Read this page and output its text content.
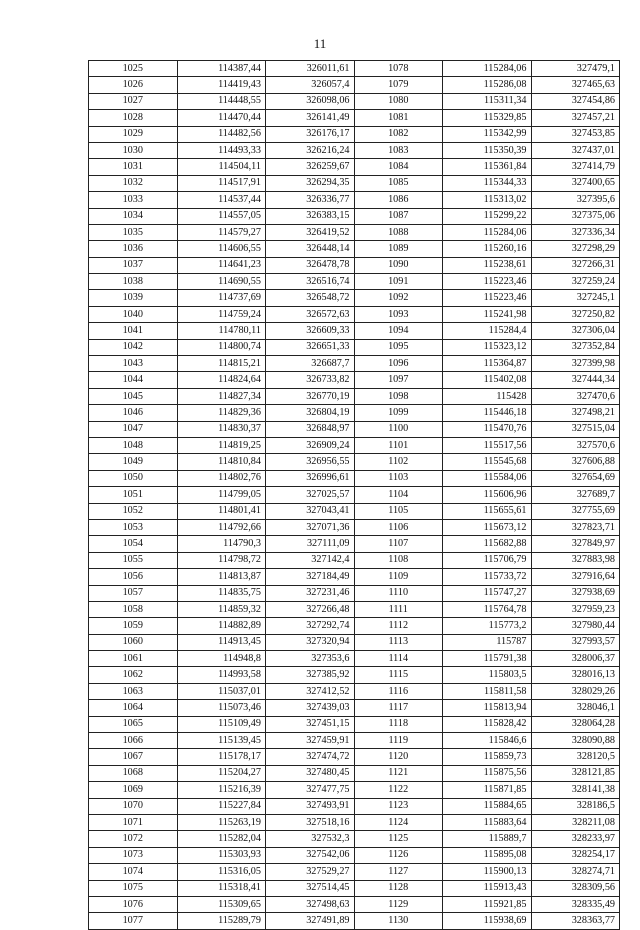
11
1025	114387,44	326011,61	1078	115284,06	327479,1
1026	114419,43	326057,4	1079	115286,08	327465,63
1027	114448,55	326098,06	1080	115311,34	327454,86
1028	114470,44	326141,49	1081	115329,85	327457,21
1029	114482,56	326176,17	1082	115342,99	327453,85
1030	114493,33	326216,24	1083	115350,39	327437,01
1031	114504,11	326259,67	1084	115361,84	327414,79
1032	114517,91	326294,35	1085	115344,33	327400,65
1033	114537,44	326336,77	1086	115313,02	327395,6
1034	114557,05	326383,15	1087	115299,22	327375,06
1035	114579,27	326419,52	1088	115284,06	327336,34
1036	114606,55	326448,14	1089	115260,16	327298,29
1037	114641,23	326478,78	1090	115238,61	327266,31
1038	114690,55	326516,74	1091	115223,46	327259,24
1039	114737,69	326548,72	1092	115223,46	327245,1
1040	114759,24	326572,63	1093	115241,98	327250,82
1041	114780,11	326609,33	1094	115284,4	327306,04
1042	114800,74	326651,33	1095	115323,12	327352,84
1043	114815,21	326687,7	1096	115364,87	327399,98
1044	114824,64	326733,82	1097	115402,08	327444,34
1045	114827,34	326770,19	1098	115428	327470,6
1046	114829,36	326804,19	1099	115446,18	327498,21
1047	114830,37	326848,97	1100	115470,76	327515,04
1048	114819,25	326909,24	1101	115517,56	327570,6
1049	114810,84	326956,55	1102	115545,68	327606,88
1050	114802,76	326996,61	1103	115584,06	327654,69
1051	114799,05	327025,57	1104	115606,96	327689,7
1052	114801,41	327043,41	1105	115655,61	327755,69
1053	114792,66	327071,36	1106	115673,12	327823,71
1054	114790,3	327111,09	1107	115682,88	327849,97
1055	114798,72	327142,4	1108	115706,79	327883,98
1056	114813,87	327184,49	1109	115733,72	327916,64
1057	114835,75	327231,46	1110	115747,27	327938,69
1058	114859,32	327266,48	1111	115764,78	327959,23
1059	114882,89	327292,74	1112	115773,2	327980,44
1060	114913,45	327320,94	1113	115787	327993,57
1061	114948,8	327353,6	1114	115791,38	328006,37
1062	114993,58	327385,92	1115	115803,5	328016,13
1063	115037,01	327412,52	1116	115811,58	328029,26
1064	115073,46	327439,03	1117	115813,94	328046,1
1065	115109,49	327451,15	1118	115828,42	328064,28
1066	115139,45	327459,91	1119	115846,6	328090,88
1067	115178,17	327474,72	1120	115859,73	328120,5
1068	115204,27	327480,45	1121	115875,56	328121,85
1069	115216,39	327477,75	1122	115871,85	328141,38
1070	115227,84	327493,91	1123	115884,65	328186,5
1071	115263,19	327518,16	1124	115883,64	328211,08
1072	115282,04	327532,3	1125	115889,7	328233,97
1073	115303,93	327542,06	1126	115895,08	328254,17
1074	115316,05	327529,27	1127	115900,13	328274,71
1075	115318,41	327514,45	1128	115913,43	328309,56
1076	115309,65	327498,63	1129	115921,85	328335,49
1077	115289,79	327491,89	1130	115938,69	328363,77
